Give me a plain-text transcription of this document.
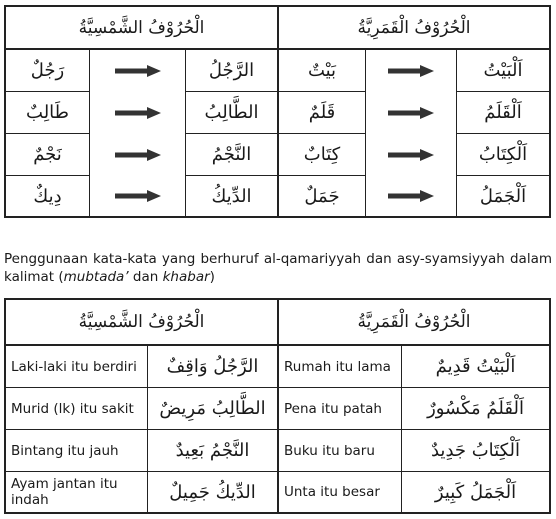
الْحُرُوْفُ الشَّمْسِيَّةُ	الْحُرُوْفُ الْقَمَرِيَّةُ
رَجُلٌ	الرَّجُلُ	بَيْتٌ	اَلْبَيْتُ
طَالِبٌ	الطَّالِبُ	قَلَمٌ	اَلْقَلَمُ
نَجْمٌ	النَّجْمُ	كِتَابٌ	اَلْكِتَابُ
دِيكٌ	الدِّيكُ	جَمَلٌ	اَلْجَمَلُ
Penggunaan kata-kata yang berhuruf al-qamariyyah dan asy-syamsiyyah dalam kalimat (mubtada’ dan khabar)
الْحُرُوْفُ الشَّمْسِيَّةُ	الْحُرُوْفُ الْقَمَرِيَّةُ
Laki-laki itu berdiri	الرَّجُلُ وَاقِفٌ	Rumah itu lama	اَلْبَيْتُ قَدِيمٌ
Murid (lk) itu sakit	الطَّالِبُ مَرِيضٌ	Pena itu patah	اَلْقَلَمُ مَكْسُورٌ
Bintang itu jauh	النَّجْمُ بَعِيدٌ	Buku itu baru	اَلْكِتَابُ جَدِيدٌ
Ayam jantan itu indah	الدِّيكُ جَمِيلٌ	Unta itu besar	اَلْجَمَلُ كَبِيرٌ
